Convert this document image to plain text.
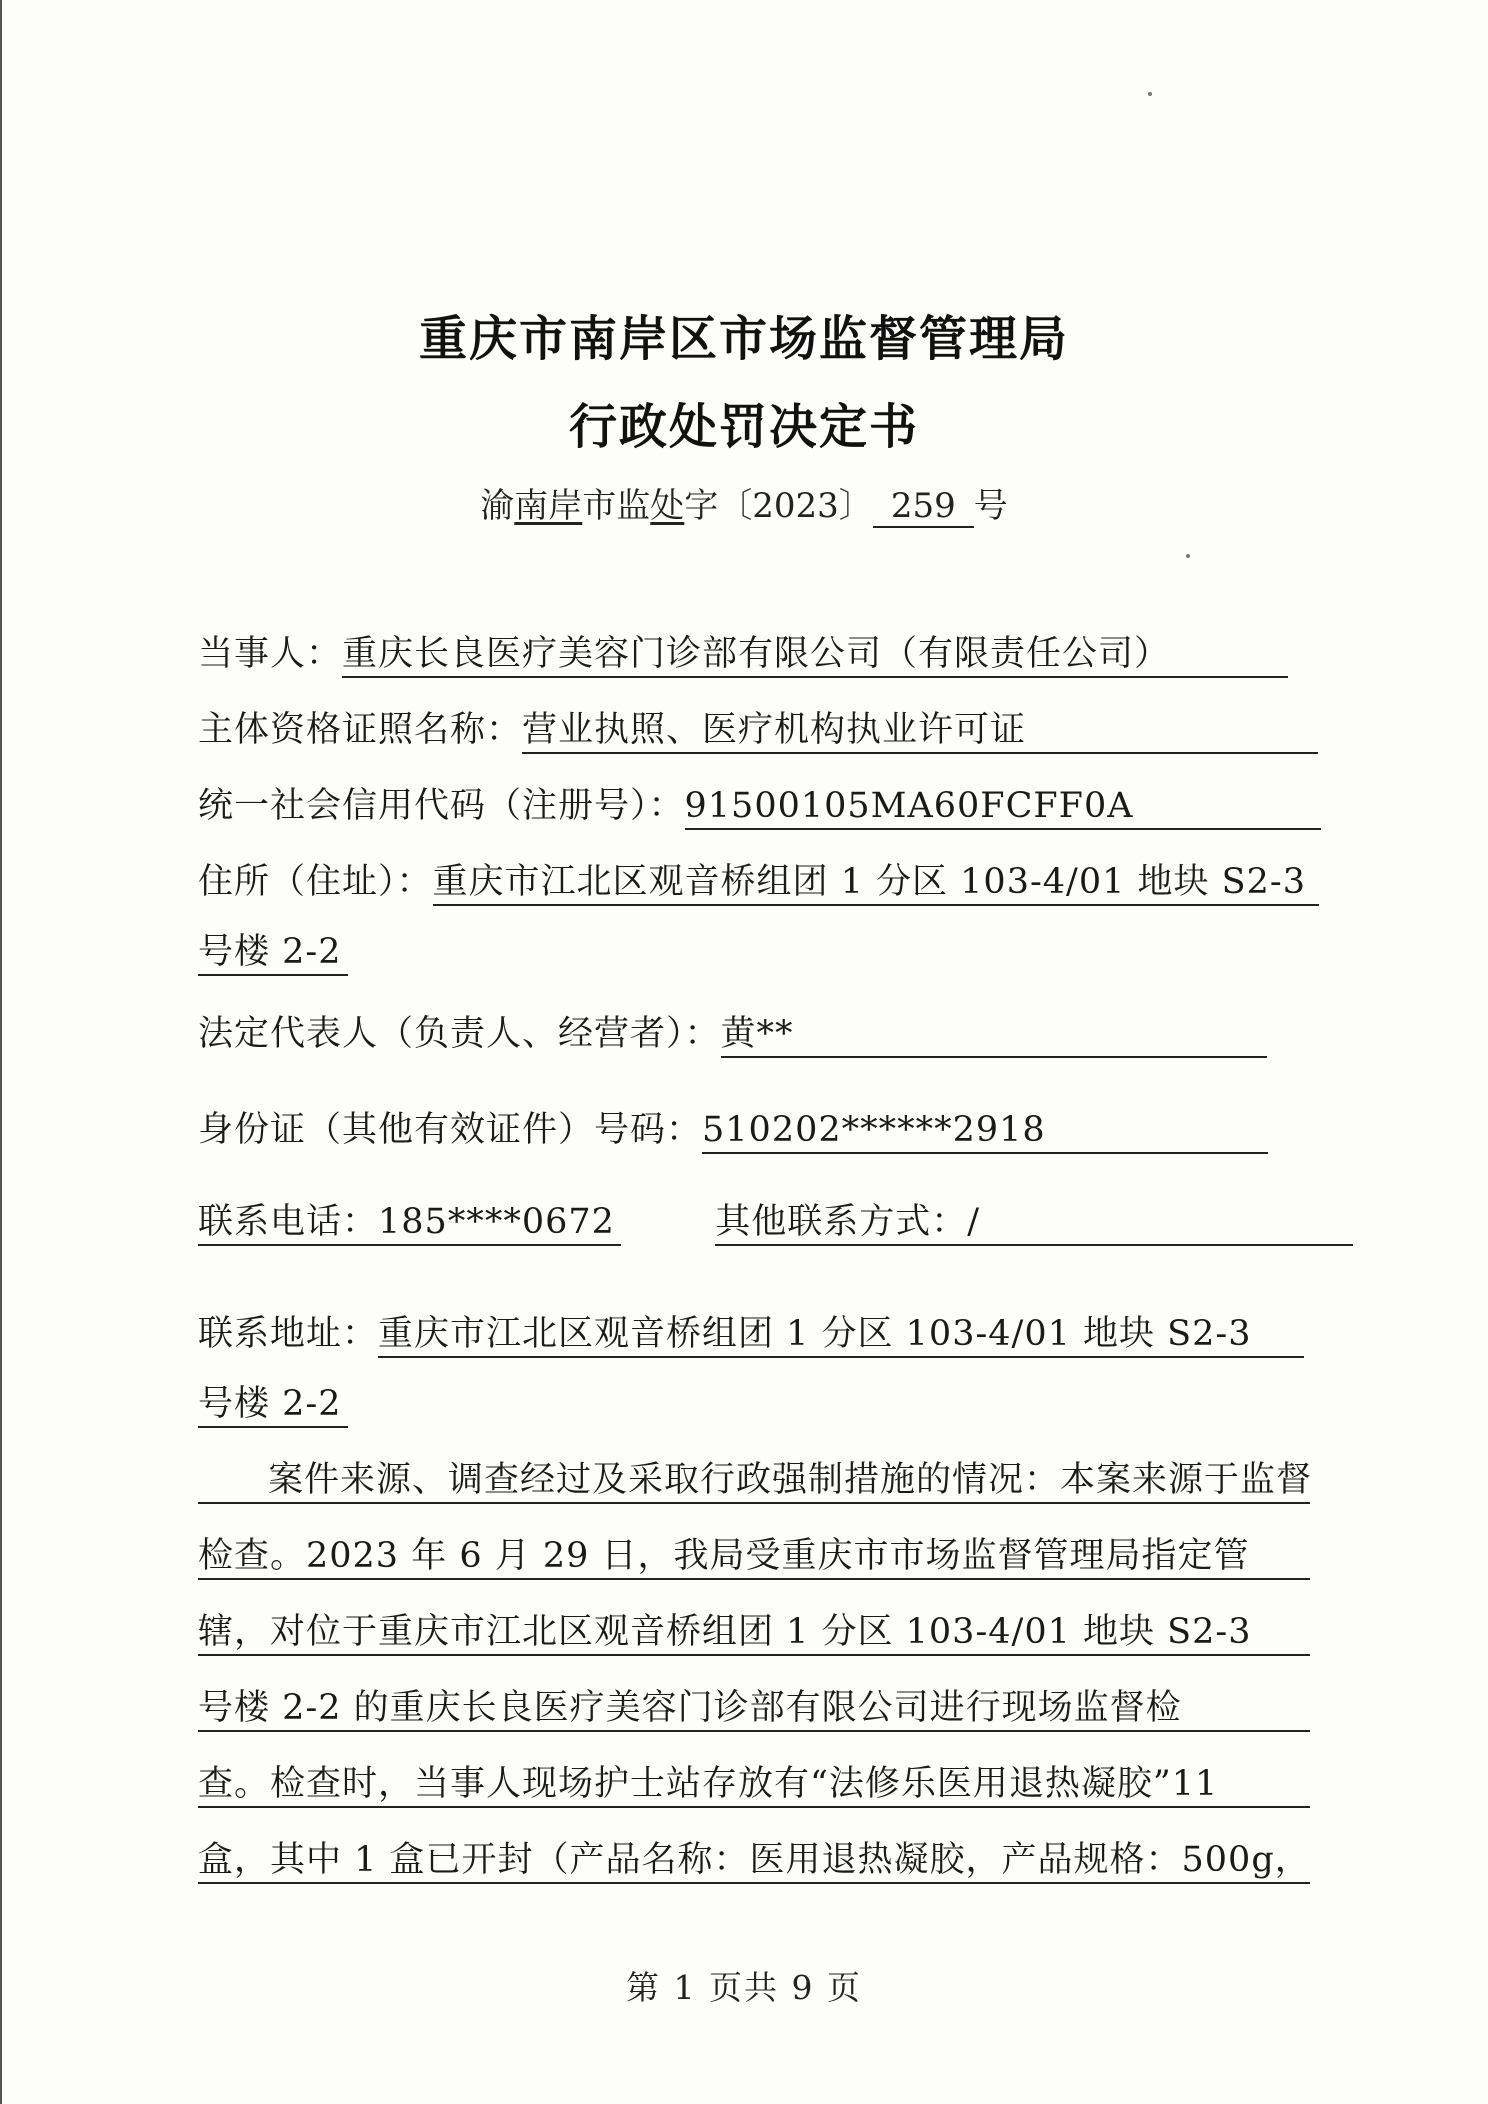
重庆市南岸区市场监督管理局
行政处罚决定书
渝南岸市监处字〔2023〕 259 号
当事人：重庆长良医疗美容门诊部有限公司（有限责任公司）
主体资格证照名称：营业执照、医疗机构执业许可证
统一社会信用代码（注册号）：91500105MA60FCFF0A
住所（住址）：重庆市江北区观音桥组团 1 分区 103-4/01 地块 S2-3
号楼 2-2
法定代表人（负责人、经营者）：黄**
身份证（其他有效证件）号码：510202******2918
联系电话：185****0672	其他联系方式：/
联系地址：重庆市江北区观音桥组团 1 分区 103-4/01 地块 S2-3
号楼 2-2
案件来源、调查经过及采取行政强制措施的情况：本案来源于监督
检查。2023 年 6 月 29 日，我局受重庆市市场监督管理局指定管
辖，对位于重庆市江北区观音桥组团 1 分区 103-4/01 地块 S2-3
号楼 2-2 的重庆长良医疗美容门诊部有限公司进行现场监督检
查。检查时，当事人现场护士站存放有“法修乐医用退热凝胶”11
盒，其中 1 盒已开封（产品名称：医用退热凝胶，产品规格：500g，
第 1 页共 9 页
